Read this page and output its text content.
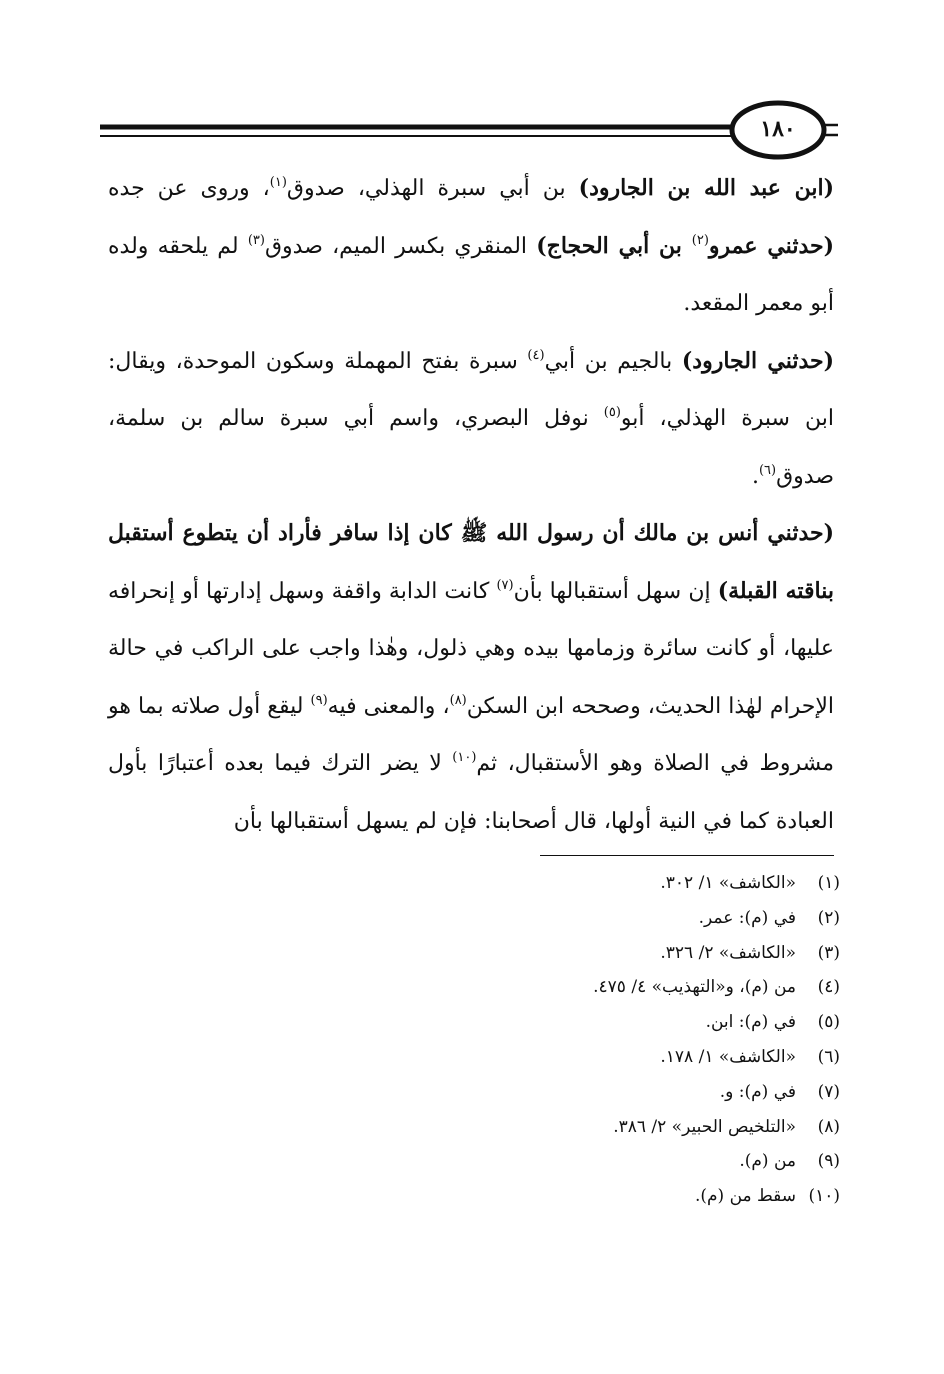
١٨٠

(ابن عبد الله بن الجارود) بن أبي سبرة الهذلي، صدوق$^{(١)}$، وروى عن جده (حدثني عمرو$^{(٢)}$ بن أبي الحجاج) المنقري بكسر الميم، صدوق$^{(٣)}$ لم يلحقه ولده أبو معمر المقعد.

(حدثني الجارود) بالجيم بن أبي$^{(٤)}$ سبرة بفتح المهملة وسكون الموحدة، ويقال: ابن سبرة الهذلي، أبو$^{(٥)}$ نوفل البصري، واسم أبي سبرة سالم بن سلمة، صدوق$^{(٦)}$.

(حدثني أنس بن مالك أن رسول الله ﷺ كان إذا سافر فأراد أن يتطوع أستقبل بناقته القبلة) إن سهل أستقبالها بأن$^{(٧)}$ كانت الدابة واقفة وسهل إدارتها أو إنحرافه عليها، أو كانت سائرة وزمامها بيده وهي ذلول، وهٰذا واجب على الراكب في حالة الإحرام لهٰذا الحديث، وصححه ابن السكن$^{(٨)}$، والمعنى فيه$^{(٩)}$ ليقع أول صلاته بما هو مشروط في الصلاة وهو الأستقبال، ثم$^{(١٠)}$ لا يضر الترك فيما بعده أعتبارًا بأول العبادة كما في النية أولها، قال أصحابنا: فإن لم يسهل أستقبالها بأن

(١)«الكاشف» ١/ ٣٠٢.
(٢)في (م): عمر.
(٣)«الكاشف» ٢/ ٣٢٦.
(٤)من (م)، و«التهذيب» ٤/ ٤٧٥.
(٥)في (م): ابن.
(٦)«الكاشف» ١/ ١٧٨.
(٧)في (م): و.
(٨)«التلخيص الحبير» ٢/ ٣٨٦.
(٩)من (م).
(١٠)سقط من (م).
